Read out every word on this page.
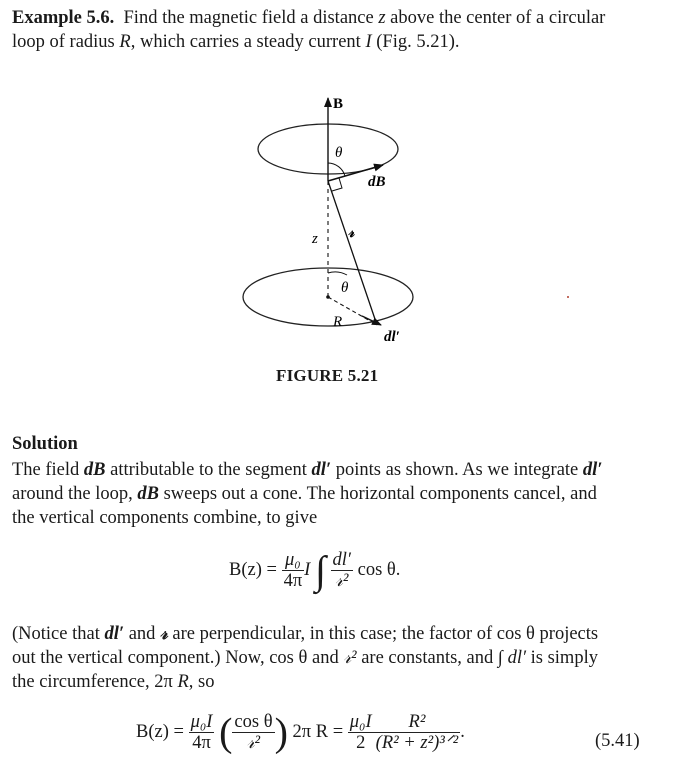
Example 5.6. Find the magnetic field a distance z above the center of a circular
loop of radius R, which carries a steady current I (Fig. 5.21).

B
θ
dB
𝓇
z
θ
R
dl′
FIGURE 5.21
Solution

The field dB attributable to the segment dl′ points as shown. As we integrate dl′
around the loop, dB sweeps out a cone. The horizontal components cancel, and
the vertical components combine, to give

$B(z) = \frac{\text{μ₀}}{4\pi}$ I ∫ $\frac{dl'}{\text{𝓇²}}$ cos θ.

(Notice that dl′ and 𝓇 are perpendicular, in this case; the factor of cos θ projects
out the vertical component.) Now, cos θ and 𝓇² are constants, and ∫ dl′ is simply
the circumference, 2π R, so

$B(z) = \frac{\text{μ₀I}}{4\pi}$ ( $\frac{\text{cos θ}}{\text{𝓇²}}$ ) 2π $R = \frac{\text{μ₀I}}{2} \frac{\text{R²}}{\text{(R² + z²)³ᐟ²}}$ .	(5.41)
